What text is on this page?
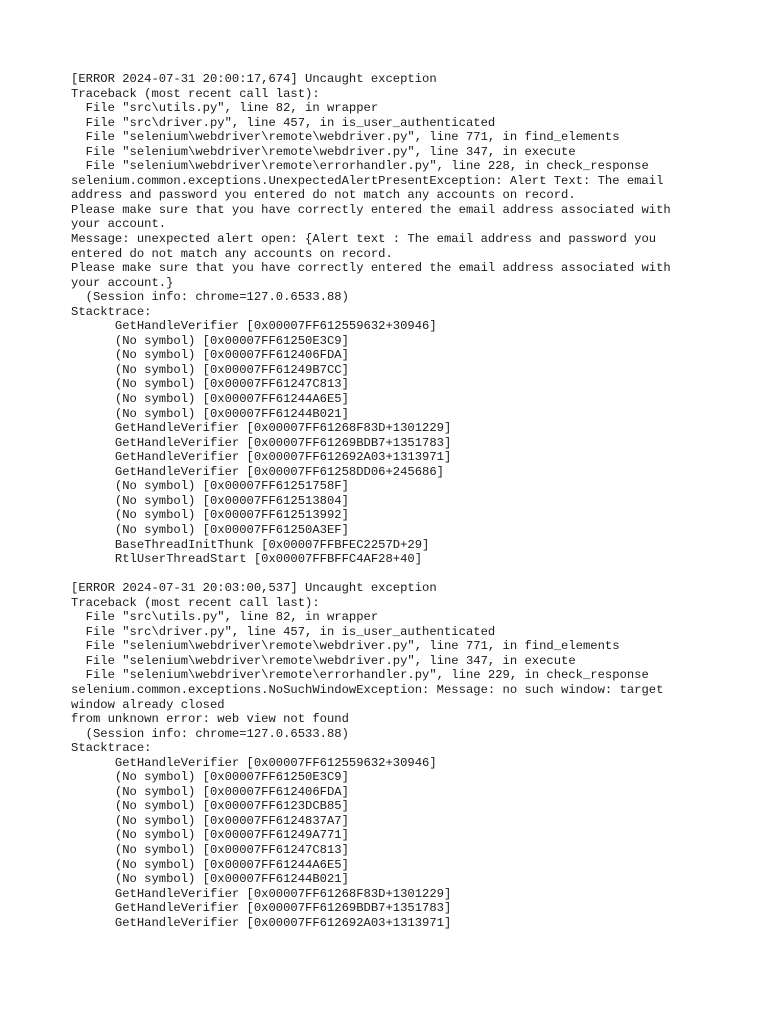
[ERROR 2024-07-31 20:00:17,674] Uncaught exception
Traceback (most recent call last):
File "src\utils.py", line 82, in wrapper
File "src\driver.py", line 457, in is_user_authenticated
File "selenium\webdriver\remote\webdriver.py", line 771, in find_elements
File "selenium\webdriver\remote\webdriver.py", line 347, in execute
File "selenium\webdriver\remote\errorhandler.py", line 228, in check_response
selenium.common.exceptions.UnexpectedAlertPresentException: Alert Text: The email
address and password you entered do not match any accounts on record.
Please make sure that you have correctly entered the email address associated with
your account.
Message: unexpected alert open: {Alert text : The email address and password you
entered do not match any accounts on record.
Please make sure that you have correctly entered the email address associated with
your account.}
(Session info: chrome=127.0.6533.88)
Stacktrace:
GetHandleVerifier [0x00007FF612559632+30946]
(No symbol) [0x00007FF61250E3C9]
(No symbol) [0x00007FF612406FDA]
(No symbol) [0x00007FF61249B7CC]
(No symbol) [0x00007FF61247C813]
(No symbol) [0x00007FF61244A6E5]
(No symbol) [0x00007FF61244B021]
GetHandleVerifier [0x00007FF61268F83D+1301229]
GetHandleVerifier [0x00007FF61269BDB7+1351783]
GetHandleVerifier [0x00007FF612692A03+1313971]
GetHandleVerifier [0x00007FF61258DD06+245686]
(No symbol) [0x00007FF61251758F]
(No symbol) [0x00007FF612513804]
(No symbol) [0x00007FF612513992]
(No symbol) [0x00007FF61250A3EF]
BaseThreadInitThunk [0x00007FFBFEC2257D+29]
RtlUserThreadStart [0x00007FFBFFC4AF28+40]
[ERROR 2024-07-31 20:03:00,537] Uncaught exception
Traceback (most recent call last):
File "src\utils.py", line 82, in wrapper
File "src\driver.py", line 457, in is_user_authenticated
File "selenium\webdriver\remote\webdriver.py", line 771, in find_elements
File "selenium\webdriver\remote\webdriver.py", line 347, in execute
File "selenium\webdriver\remote\errorhandler.py", line 229, in check_response
selenium.common.exceptions.NoSuchWindowException: Message: no such window: target
window already closed
from unknown error: web view not found
(Session info: chrome=127.0.6533.88)
Stacktrace:
GetHandleVerifier [0x00007FF612559632+30946]
(No symbol) [0x00007FF61250E3C9]
(No symbol) [0x00007FF612406FDA]
(No symbol) [0x00007FF6123DCB85]
(No symbol) [0x00007FF6124837A7]
(No symbol) [0x00007FF61249A771]
(No symbol) [0x00007FF61247C813]
(No symbol) [0x00007FF61244A6E5]
(No symbol) [0x00007FF61244B021]
GetHandleVerifier [0x00007FF61268F83D+1301229]
GetHandleVerifier [0x00007FF61269BDB7+1351783]
GetHandleVerifier [0x00007FF612692A03+1313971]
